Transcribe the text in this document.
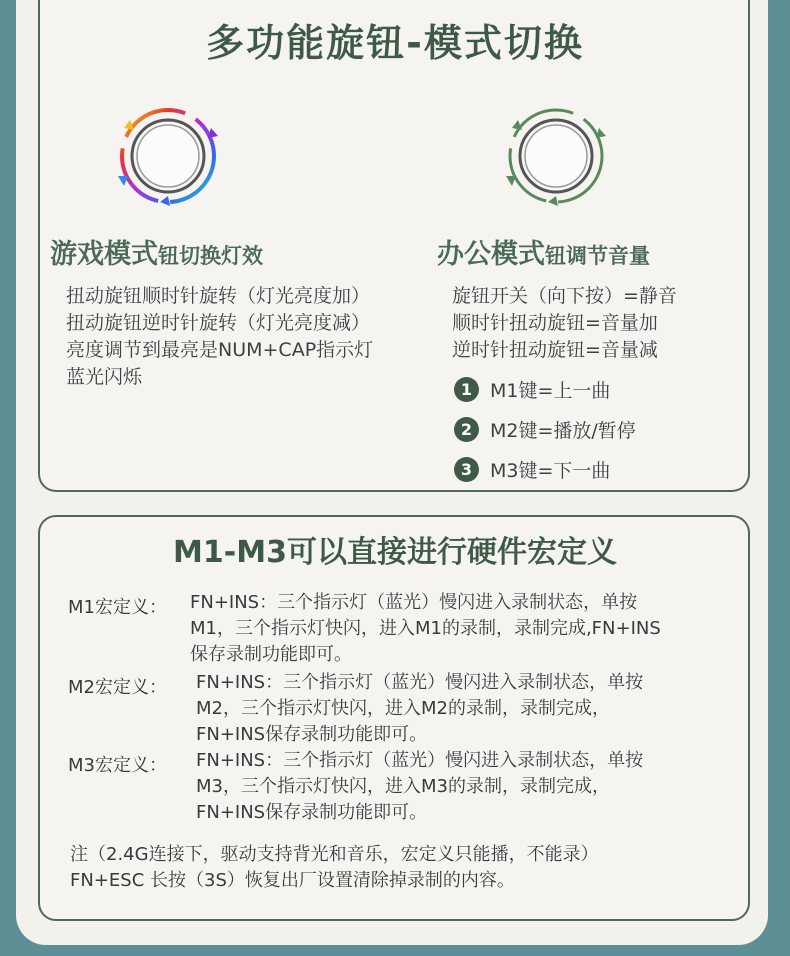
多功能旋钮-模式切换
游戏模式钮切换灯效
扭动旋钮顺时针旋转（灯光亮度加）
扭动旋钮逆时针旋转（灯光亮度减）
亮度调节到最亮是NUM+CAP指示灯
蓝光闪烁
办公模式钮调节音量
旋钮开关（向下按）=静音
顺时针扭动旋钮=音量加
逆时针扭动旋钮=音量减
1 M1键=上一曲
2 M2键=播放/暂停
3 M3键=下一曲
M1-M3可以直接进行硬件宏定义
M1宏定义： FN+INS：三个指示灯（蓝光）慢闪进入录制状态，单按
M1，三个指示灯快闪，进入M1的录制，录制完成,FN+INS
保存录制功能即可。
M2宏定义： FN+INS：三个指示灯（蓝光）慢闪进入录制状态，单按
M2，三个指示灯快闪，进入M2的录制，录制完成，
FN+INS保存录制功能即可。
M3宏定义： FN+INS：三个指示灯（蓝光）慢闪进入录制状态，单按
M3，三个指示灯快闪，进入M3的录制，录制完成，
FN+INS保存录制功能即可。
注（2.4G连接下，驱动支持背光和音乐，宏定义只能播，不能录）
FN+ESC 长按（3S）恢复出厂设置清除掉录制的内容。
